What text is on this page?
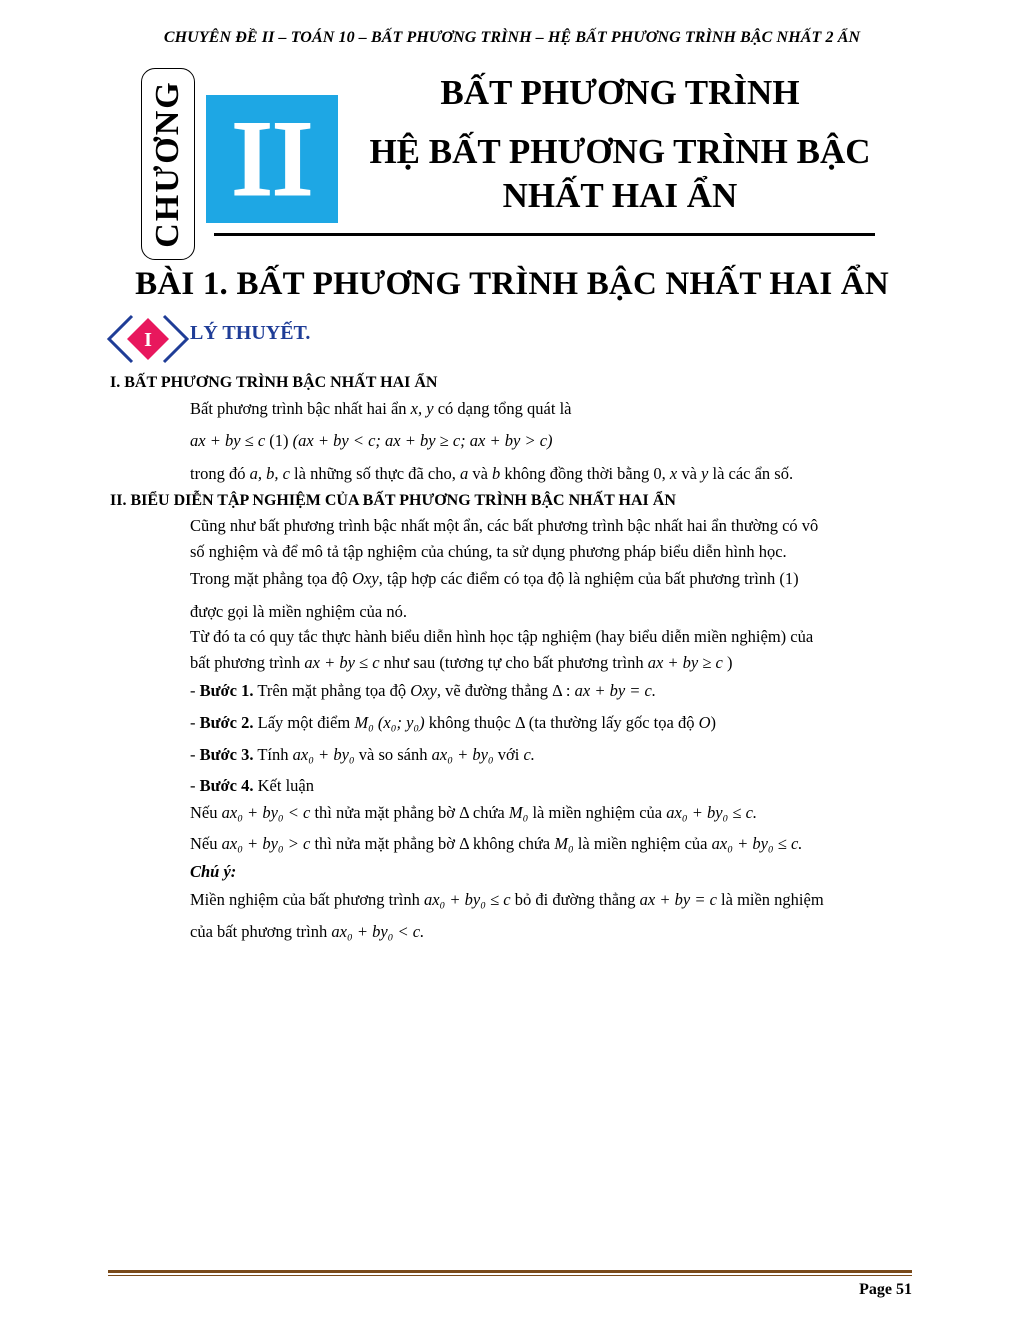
CHUYÊN ĐỀ II – TOÁN 10 – BẤT PHƯƠNG TRÌNH – HỆ BẤT PHƯƠNG TRÌNH BẬC NHẤT 2 ẨN
CHƯƠNG II
BẤT PHƯƠNG TRÌNH
HỆ BẤT PHƯƠNG TRÌNH BẬC
NHẤT HAI ẨN
BÀI 1. BẤT PHƯƠNG TRÌNH BẬC NHẤT HAI ẨN
I LÝ THUYẾT.
I. BẤT PHƯƠNG TRÌNH BẬC NHẤT HAI ẨN
Bất phương trình bậc nhất hai ẩn x, y có dạng tổng quát là
ax + by ≤ c (1) (ax + by < c; ax + by ≥ c; ax + by > c)
trong đó a, b, c là những số thực đã cho, a và b không đồng thời bằng 0, x và y là các ẩn số.
II. BIỂU DIỄN TẬP NGHIỆM CỦA BẤT PHƯƠNG TRÌNH BẬC NHẤT HAI ẨN
Cũng như bất phương trình bậc nhất một ẩn, các bất phương trình bậc nhất hai ẩn thường có vô
số nghiệm và để mô tả tập nghiệm của chúng, ta sử dụng phương pháp biểu diễn hình học.
Trong mặt phẳng tọa độ Oxy, tập hợp các điểm có tọa độ là nghiệm của bất phương trình (1)
được gọi là miền nghiệm của nó.
Từ đó ta có quy tắc thực hành biểu diễn hình học tập nghiệm (hay biểu diễn miền nghiệm) của
bất phương trình ax + by ≤ c như sau (tương tự cho bất phương trình ax + by ≥ c )
- Bước 1. Trên mặt phẳng tọa độ Oxy, vẽ đường thẳng Δ : ax + by = c.
- Bước 2. Lấy một điểm M₀ (x₀; y₀) không thuộc Δ (ta thường lấy gốc tọa độ O)
- Bước 3. Tính ax₀ + by₀ và so sánh ax₀ + by₀ với c.
- Bước 4. Kết luận
Nếu ax₀ + by₀ < c thì nửa mặt phẳng bờ Δ chứa M₀ là miền nghiệm của ax₀ + by₀ ≤ c.
Nếu ax₀ + by₀ > c thì nửa mặt phẳng bờ Δ không chứa M₀ là miền nghiệm của ax₀ + by₀ ≤ c.
Chú ý:
Miền nghiệm của bất phương trình ax₀ + by₀ ≤ c bỏ đi đường thẳng ax + by = c là miền nghiệm
của bất phương trình ax₀ + by₀ < c.
Page 51
